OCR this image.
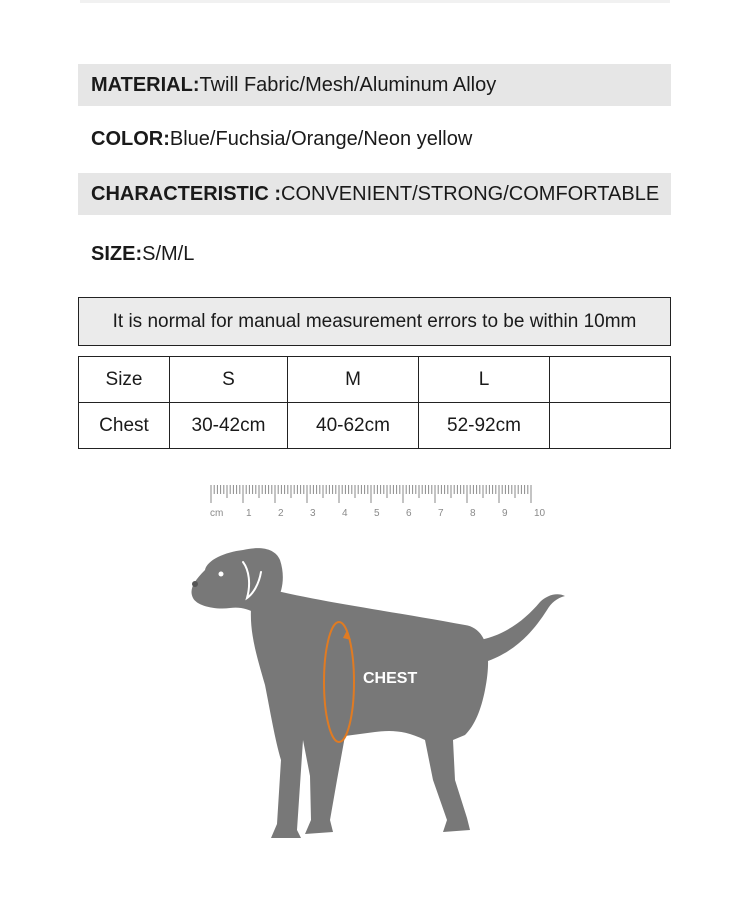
MATERIAL: Twill Fabric/Mesh/Aluminum Alloy
COLOR: Blue/Fuchsia/Orange/Neon yellow
CHARACTERISTIC : CONVENIENT/STRONG/COMFORTABLE
SIZE: S/M/L
It is normal for manual measurement errors to be within 10mm
Size	S	M	L	
Chest	30-42cm	40-62cm	52-92cm	
cm 1	2	3	4	5	6	7	8	9	10
CHEST
